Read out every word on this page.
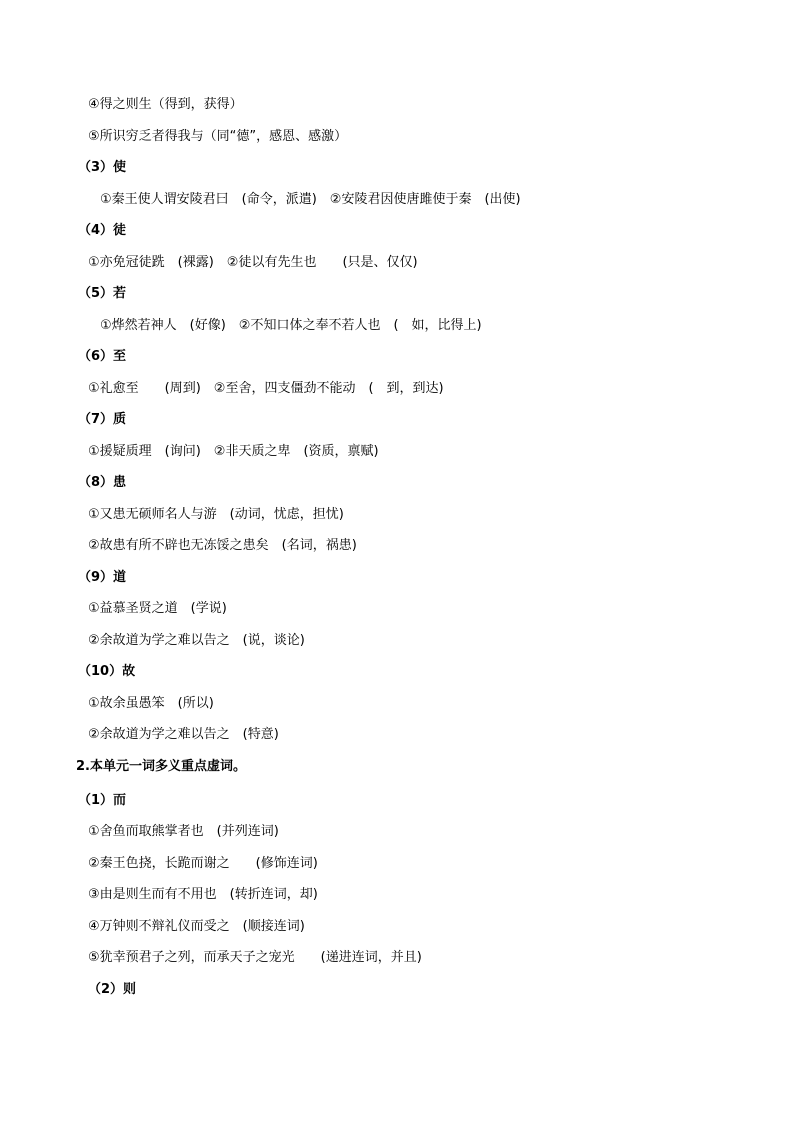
④得之则生（得到，获得）
⑤所识穷乏者得我与（同“德”，感恩、感激）
（3）使
①秦王使人谓安陵君曰　(命令，派遣)　②安陵君因使唐雎使于秦　(出使)
（4）徒
①亦免冠徒跣　(裸露)　②徒以有先生也　　(只是、仅仅)
（5）若
①烨然若神人　(好像)　②不知口体之奉不若人也　(　如，比得上)
（6）至
①礼愈至　　(周到)　②至舍，四支僵劲不能动　(　到，到达)
（7）质
①援疑质理　(询问)　②非天质之卑　(资质，禀赋)
（8）患
①又患无硕师名人与游　(动词，忧虑，担忧)
②故患有所不辟也无冻馁之患矣　(名词，祸患)
（9）道
①益慕圣贤之道　(学说)
②余故道为学之难以告之　(说，谈论)
（10）故
①故余虽愚笨　(所以)
②余故道为学之难以告之　(特意)
2.本单元一词多义重点虚词。
（1）而
①舍鱼而取熊掌者也　(并列连词)
②秦王色挠，长跪而谢之　　(修饰连词)
③由是则生而有不用也　(转折连词，却)
④万钟则不辩礼仪而受之　(顺接连词)
⑤犹幸预君子之列，而承天子之宠光　　(递进连词，并且)
（2）则
